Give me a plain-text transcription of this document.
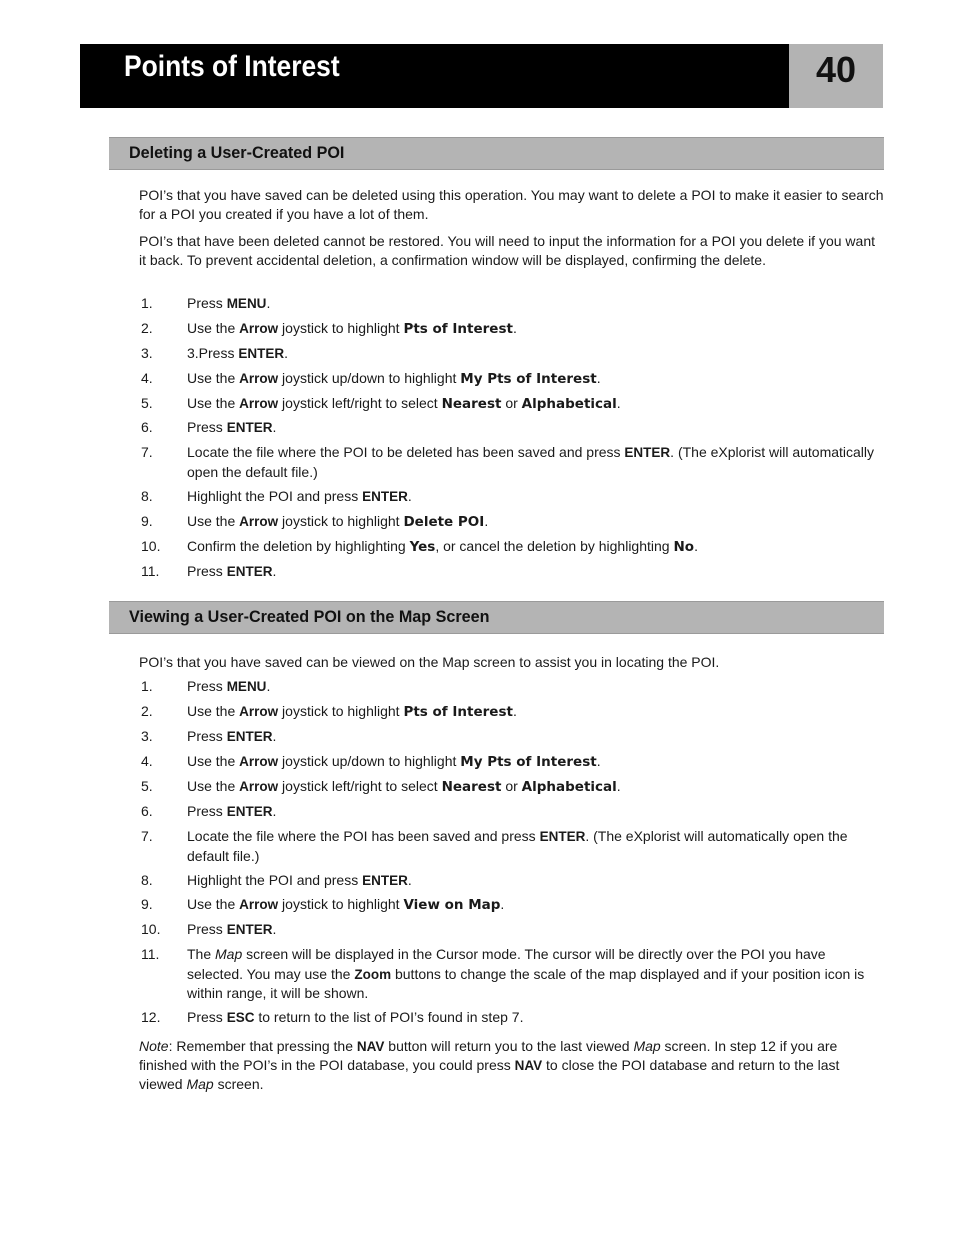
Points of Interest	40
Deleting a User-Created POI
POI’s that you have saved can be deleted using this operation. You may want to delete a POI to make it easier to search for a POI you created if you have a lot of them.
POI’s that have been deleted cannot be restored. You will need to input the information for a POI you delete if you want it back. To prevent accidental deletion, a confirmation window will be displayed, confirming the delete.
1. Press MENU.
2. Use the Arrow joystick to highlight Pts of Interest.
3. 3.Press ENTER.
4. Use the Arrow joystick up/down to highlight My Pts of Interest.
5. Use the Arrow joystick left/right to select Nearest or Alphabetical.
6. Press ENTER.
7. Locate the file where the POI to be deleted has been saved and press ENTER. (The eXplorist will automatically open the default file.)
8. Highlight the POI and press ENTER.
9. Use the Arrow joystick to highlight Delete POI.
10. Confirm the deletion by highlighting Yes, or cancel the deletion by highlighting No.
11. Press ENTER.
Viewing a User-Created POI on the Map Screen
POI’s that you have saved can be viewed on the Map screen to assist you in locating the POI.
1. Press MENU.
2. Use the Arrow joystick to highlight Pts of Interest.
3. Press ENTER.
4. Use the Arrow joystick up/down to highlight My Pts of Interest.
5. Use the Arrow joystick left/right to select Nearest or Alphabetical.
6. Press ENTER.
7. Locate the file where the POI has been saved and press ENTER. (The eXplorist will automatically open the default file.)
8. Highlight the POI and press ENTER.
9. Use the Arrow joystick to highlight View on Map.
10. Press ENTER.
11. The Map screen will be displayed in the Cursor mode. The cursor will be directly over the POI you have selected. You may use the Zoom buttons to change the scale of the map displayed and if your position icon is within range, it will be shown.
12. Press ESC to return to the list of POI’s found in step 7.
Note: Remember that pressing the NAV button will return you to the last viewed Map screen. In step 12 if you are finished with the POI’s in the POI database, you could press NAV to close the POI database and return to the last viewed Map screen.
